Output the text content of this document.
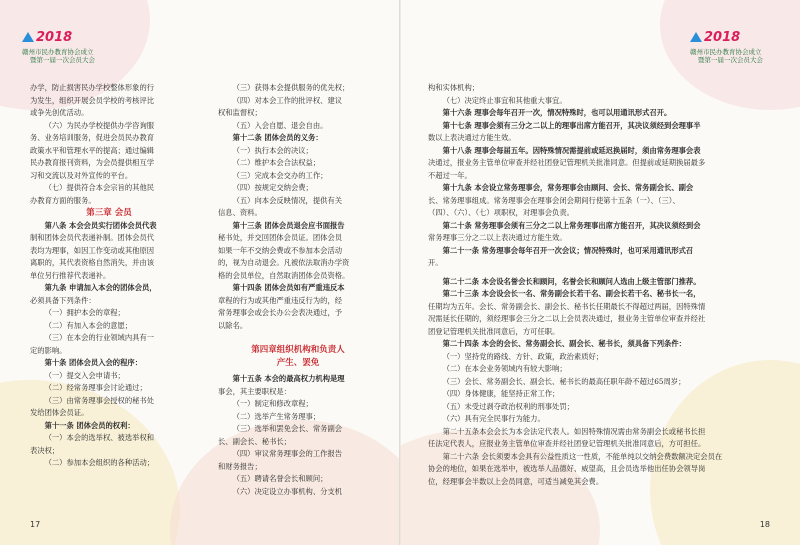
2018
赣州市民办教育协会成立
暨第一届一次会员大会

办学，防止损害民办学校整体形象的行

为发生，组织开展会员学校的考核评比

或争先创优活动。

（六）为民办学校提供办学咨询服

务、业务培训服务，促进会员民办教育

政策水平和管理水平的提高；通过编辑

民办教育报刊资料，为会员提供相互学

习和交流以及对外宣传的平台。

（七）提供符合本会宗旨的其他民

办教育方面的服务。

第三章 会员

第八条 本会会员实行团体会员代表

制和团体会员代表递补制。团体会员代

表均为理事，如因工作变动或其他原因

离职的，其代表资格自然消失，并由该

单位另行推荐代表递补。

第九条 申请加入本会的团体会员，

必须具备下列条件：

（一）拥护本会的章程；

（二）有加入本会的意愿；

（三）在本会的行业领域内具有一

定的影响。

第十条 团体会员入会的程序：

（一）提交入会申请书；

（二）经常务理事会讨论通过；

（三）由常务理事会授权的秘书处

发给团体会员证。

第十一条 团体会员的权利：

（一）本会的选举权、被选举权和

表决权；

（二）参加本会组织的各种活动；

（三）获得本会提供服务的优先权；

（四）对本会工作的批评权、建议

权和监督权；

（五）入会自愿、退会自由。

第十二条 团体会员的义务：

（一）执行本会的决议；

（二）维护本会合法权益；

（三）完成本会交办的工作；

（四）按规定交纳会费；

（五）向本会反映情况，提供有关

信息、资料。

第十三条 团体会员退会应书面报告

秘书处，并交回团体会员证。团体会员

如果一年不交纳会费或不参加本会活动

的，视为自动退会。凡被依法取消办学资

格的会员单位，自然取消团体会员资格。

第十四条 团体会员如有严重违反本

章程的行为或其他严重违反行为的，经

常务理事会或会长办公会表决通过，予

以除名。

第四章组织机构和负责人

产生、罢免

第十五条 本会的最高权力机构是理

事会，其主要职权是：

（一）制定和修改章程；

（二）选举产生常务理事；

（三）选举和罢免会长、常务副会

长、副会长、秘书长；

（四）审议常务理事会的工作报告

和财务报告；

（五）聘请名誉会长和顾问；

（六）决定设立办事机构、分支机

17
2018
赣州市民办教育协会成立
暨第一届一次会员大会

构和实体机构；

（七）决定终止事宜和其他重大事宜。

第十六条 理事会每年召开一次，情况特殊时，也可以用通讯形式召开。

第十七条 理事会须有三分之二以上的理事出席方能召开，其决议须经到会理事半

数以上表决通过方能生效。

第十八条 理事会每届五年。因特殊情况需提前或延迟换届时，须由常务理事会表

决通过，报业务主管单位审查并经社团登记管理机关批准同意。但提前或延期换届最多

不超过一年。

第十九条 本会设立常务理事会，常务理事会由顾问、会长、常务副会长、副会

长、常务理事组成。常务理事会在理事会闭会期间行使第十五条（一）、（三）、

（四）、（六）、（七）项职权，对理事会负责。

第二十条 常务理事会须有三分之二以上常务理事出席方能召开，其决议须经到会

常务理事三分之二以上表决通过方能生效。

第二十一条 常务理事会每年召开一次会议；情况特殊时，也可采用通讯形式召

开。

第二十二条 本会设名誉会长和顾问，名誉会长和顾问人选由上级主管部门推荐。

第二十三条 本会设会长一名、常务副会长若干名、副会长若干名、秘书长一名，

任期均为五年。会长、常务副会长、副会长、秘书长任期最长不得超过两届，因特殊情

况需延长任期的，须经理事会三分之二以上会员表决通过，报业务主管单位审查并经社

团登记管理机关批准同意后，方可任职。

第二十四条 本会的会长、常务副会长、副会长、秘书长，须具备下列条件：

（一）坚持党的路线、方针、政策，政治素质好；

（二）在本会业务领域内有较大影响；

（三）会长、常务副会长、副会长、秘书长的最高任职年龄不超过65周岁；

（四）身体健康，能坚持正常工作；

（五）未受过剥夺政治权利的刑事处罚；

（六）具有完全民事行为能力。

第二十五条本会会长为本会法定代表人。如因特殊情况需由常务副会长或秘书长担

任法定代表人，应报业务主管单位审查并经社团登记管理机关批准同意后，方可担任。

第二十六条 会长须要本会具有公益性质这一性质，不能单纯以交纳会费数额决定会员在

协会的地位，如果在选举中，被选举人品德好、威望高，且会员选举他出任协会领导岗

位，经理事会半数以上会员同意，可适当减免其会费。

18
